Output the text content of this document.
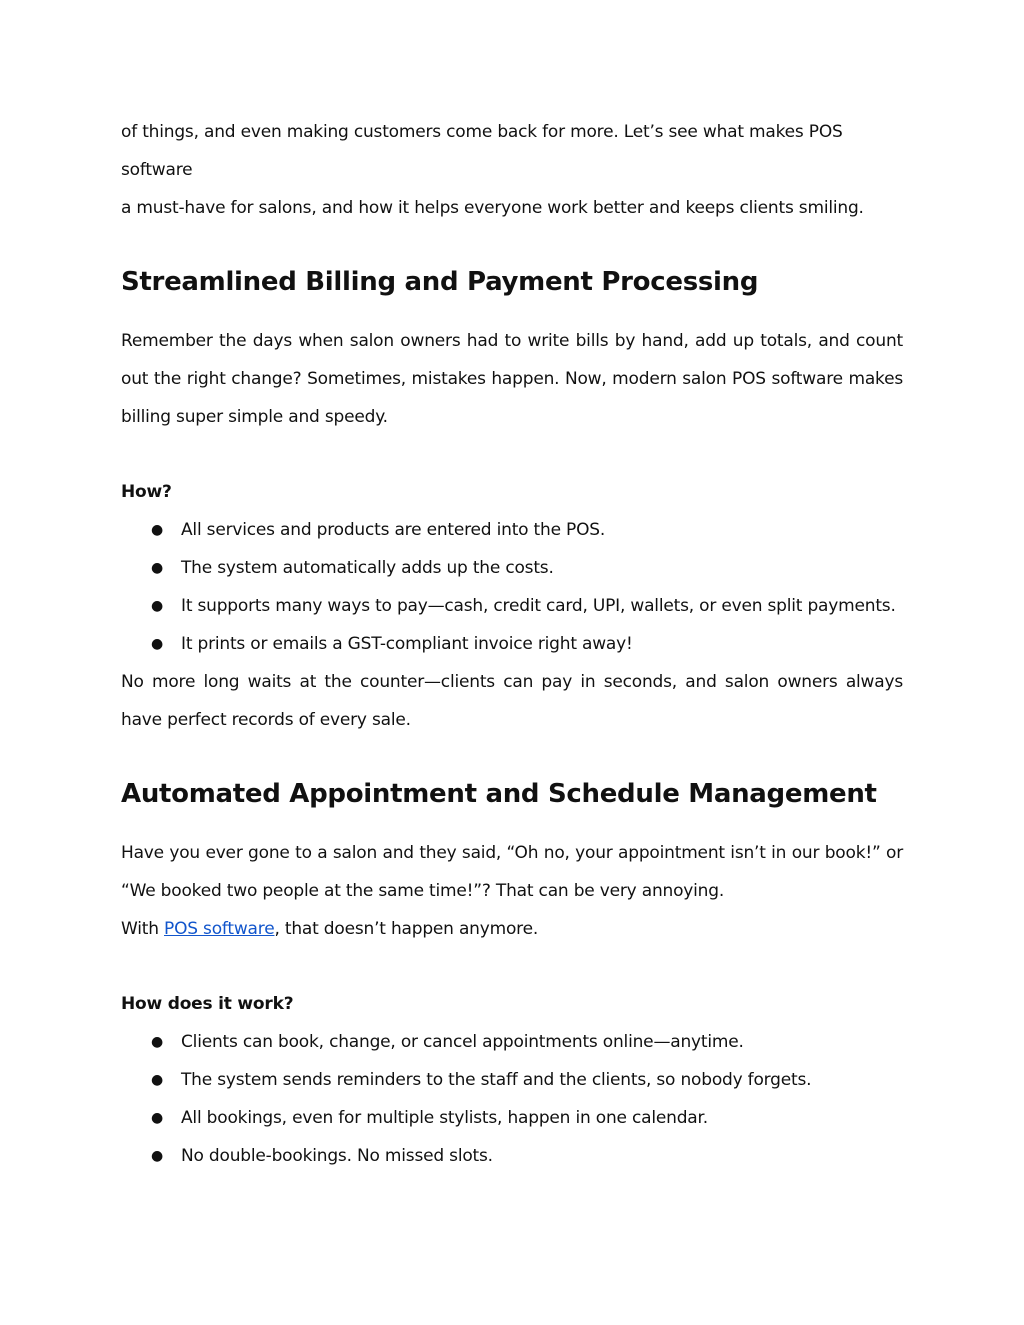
of things, and even making customers come back for more. Let’s see what makes POS software
a must-have for salons, and how it helps everyone work better and keeps clients smiling.

Streamlined Billing and Payment Processing

Remember the days when salon owners had to write bills by hand, add up totals, and count out the right change? Sometimes, mistakes happen. Now, modern salon POS software makes billing super simple and speedy.

How?

● All services and products are entered into the POS.
● The system automatically adds up the costs.
● It supports many ways to pay—cash, credit card, UPI, wallets, or even split payments.
● It prints or emails a GST-compliant invoice right away!

No more long waits at the counter—clients can pay in seconds, and salon owners always have perfect records of every sale.

Automated Appointment and Schedule Management

Have you ever gone to a salon and they said, “Oh no, your appointment isn’t in our book!” or “We booked two people at the same time!”? That can be very annoying.

With POS software, that doesn’t happen anymore.

How does it work?

● Clients can book, change, or cancel appointments online—anytime.
● The system sends reminders to the staff and the clients, so nobody forgets.
● All bookings, even for multiple stylists, happen in one calendar.
● No double-bookings. No missed slots.
